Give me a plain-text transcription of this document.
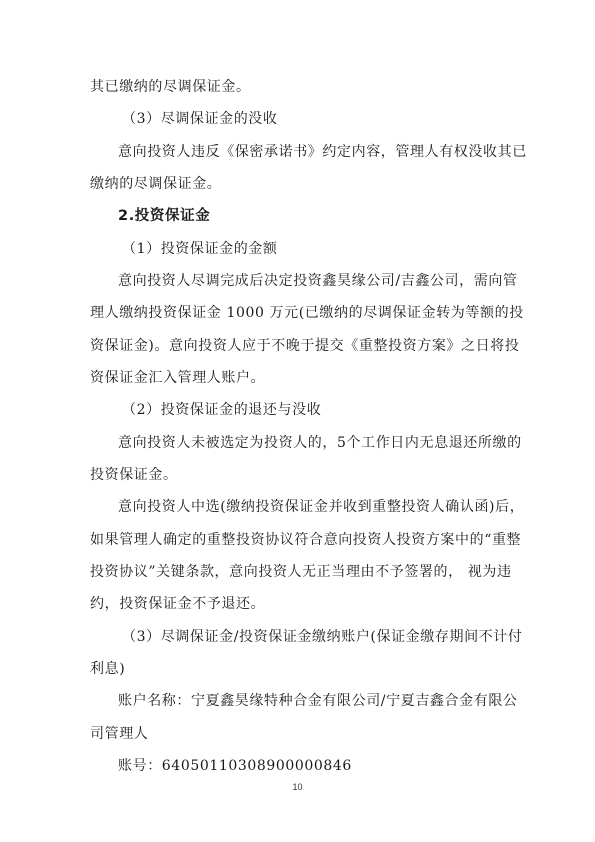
其已缴纳的尽调保证金。
（3）尽调保证金的没收
意向投资人违反《保密承诺书》约定内容，管理人有权没收其已
缴纳的尽调保证金。
2.投资保证金
（1）投资保证金的金额
意向投资人尽调完成后决定投资鑫昊缘公司/吉鑫公司，需向管
理人缴纳投资保证金 1000 万元(已缴纳的尽调保证金转为等额的投
资保证金)。意向投资人应于不晚于提交《重整投资方案》之日将投
资保证金汇入管理人账户。
（2）投资保证金的退还与没收
意向投资人未被选定为投资人的，5个工作日内无息退还所缴的
投资保证金。
意向投资人中选(缴纳投资保证金并收到重整投资人确认函)后，
如果管理人确定的重整投资协议符合意向投资人投资方案中的“重整
投资协议”关键条款，意向投资人无正当理由不予签署的， 视为违
约，投资保证金不予退还。
（3）尽调保证金/投资保证金缴纳账户(保证金缴存期间不计付
利息)
账户名称：宁夏鑫昊缘特种合金有限公司/宁夏吉鑫合金有限公
司管理人
账号：64050110308900000846
10
